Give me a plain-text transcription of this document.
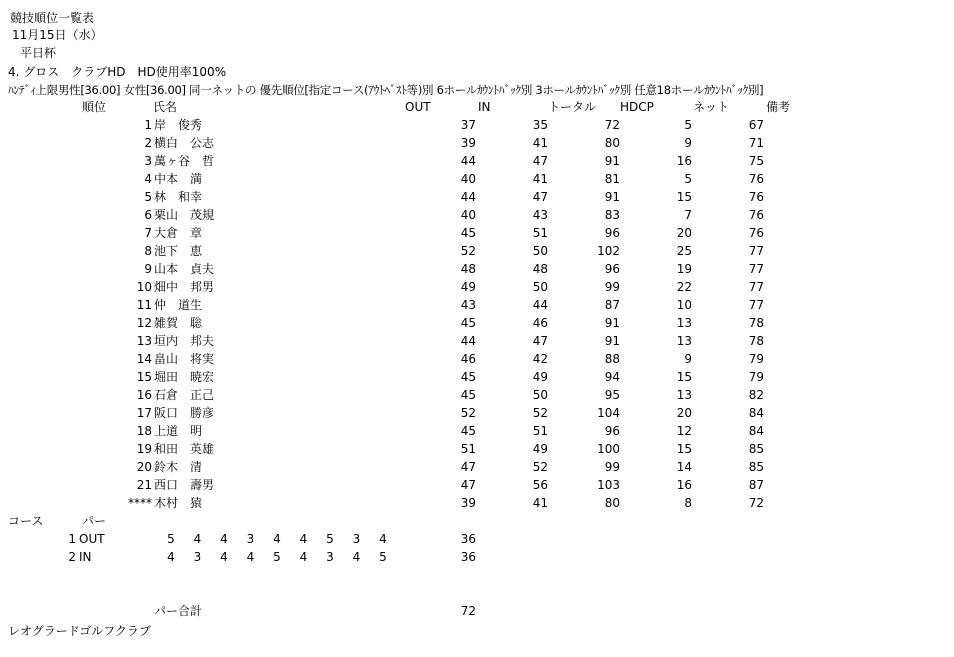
競技順位一覧表
11月15日（水）
平日杯
4. グロス　クラブHD　HD使用率100%
ﾊﾝﾃﾞｨ上限男性[36.00] 女性[36.00] 同一ネットの 優先順位[指定コース(ｱｳﾄﾍﾞｽﾄ等)別 6ホールｶｳﾝﾄﾊﾞｯｸ別 3ホールｶｳﾝﾄﾊﾞｯｸ別 任意18ホールｶｳﾝﾄﾊﾞｯｸ別]
順位	氏名	OUT	IN	トータル HDCP	ネット	備考
1 岸　俊秀	37	35	72	5	67
2 横白　公志	39	41	80	9	71
3 萬ヶ谷　哲	44	47	91	16	75
4 中本　満	40	41	81	5	76
5 林　和幸	44	47	91	15	76
6 栗山　茂規	40	43	83	7	76
7 大倉　章	45	51	96	20	76
8 池下　恵	52	50	102	25	77
9 山本　貞夫	48	48	96	19	77
10 畑中　邦男	49	50	99	22	77
11 仲　道生	43	44	87	10	77
12 雑賀　聡	45	46	91	13	78
13 垣内　邦夫	44	47	91	13	78
14 畠山　将実	46	42	88	9	79
15 堀田　暁宏	45	49	94	15	79
16 石倉　正己	45	50	95	13	82
17 阪口　勝彦	52	52	104	20	84
18 上道　明	45	51	96	12	84
19 和田　英雄	51	49	100	15	85
20 鈴木　清	47	52	99	14	85
21 西口　壽男	47	56	103	16	87
**** 木村　猿	39	41	80	8	72
コース	パー
1 OUT	5 4 4 3 4 4 5 3 4	36
2 IN	4 3 4 4 5 4 3 4 5	36
パー合計	72
レオグラードゴルフクラブ
